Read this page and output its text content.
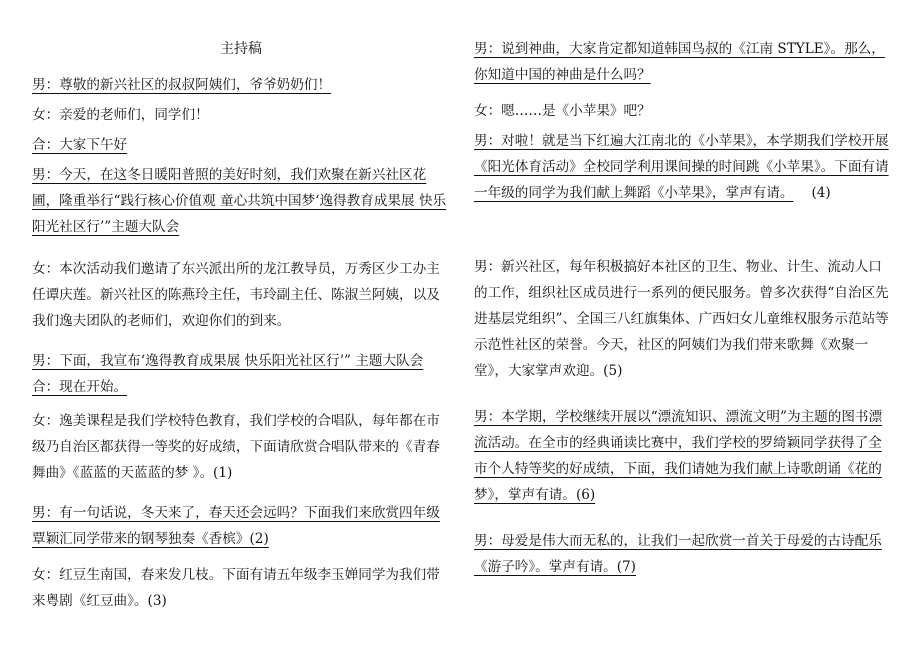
主持稿
男：尊敬的新兴社区的叔叔阿姨们，爷爷奶奶们！
女：亲爱的老师们，同学们！
合：大家下午好
男：今天，在这冬日暖阳普照的美好时刻，我们欢聚在新兴社区花圃，隆重举行“践行核心价值观 童心共筑中国梦‘逸得教育成果展 快乐阳光社区行’”主题大队会
女：本次活动我们邀请了东兴派出所的龙江教导员，万秀区少工办主任谭庆莲。新兴社区的陈燕玲主任，韦玲副主任、陈淑兰阿姨，以及我们逸夫团队的老师们，欢迎你们的到来。
男：下面，我宣布‘逸得教育成果展 快乐阳光社区行’” 主题大队会合：现在开始。
女：逸美课程是我们学校特色教育，我们学校的合唱队，每年都在市级乃自治区都获得一等奖的好成绩，下面请欣赏合唱队带来的《青春舞曲》《蓝蓝的天蓝蓝的梦 》。(1)
男：有一句话说，冬天来了，春天还会远吗？下面我们来欣赏四年级覃颖汇同学带来的钢琴独奏《香槟》(2)
女：红豆生南国，春来发几枝。下面有请五年级李玉婵同学为我们带来粤剧《红豆曲》。(3)
男：说到神曲，大家肯定都知道韩国鸟叔的《江南 STYLE》。那么，你知道中国的神曲是什么吗？
女：嗯……是《小苹果》吧？
男：对啦！就是当下红遍大江南北的《小苹果》，本学期我们学校开展《阳光体育活动》全校同学利用课间操的时间跳《小苹果》。下面有请一年级的同学为我们献上舞蹈《小苹果》，掌声有请。 (4)
男：新兴社区，每年积极搞好本社区的卫生、物业、计生、流动人口的工作，组织社区成员进行一系列的便民服务。曾多次获得“自治区先进基层党组织”、全国三八红旗集体、广西妇女儿童维权服务示范站等示范性社区的荣誉。今天，社区的阿姨们为我们带来歌舞《欢聚一堂》，大家掌声欢迎。(5)
男：本学期，学校继续开展以“漂流知识、漂流文明”为主题的图书漂流活动。在全市的经典诵读比赛中，我们学校的罗绮颖同学获得了全市个人特等奖的好成绩，下面，我们请她为我们献上诗歌朗诵《花的梦》，掌声有请。(6)
男：母爱是伟大而无私的，让我们一起欣赏一首关于母爱的古诗配乐《游子吟》。掌声有请。(7)
